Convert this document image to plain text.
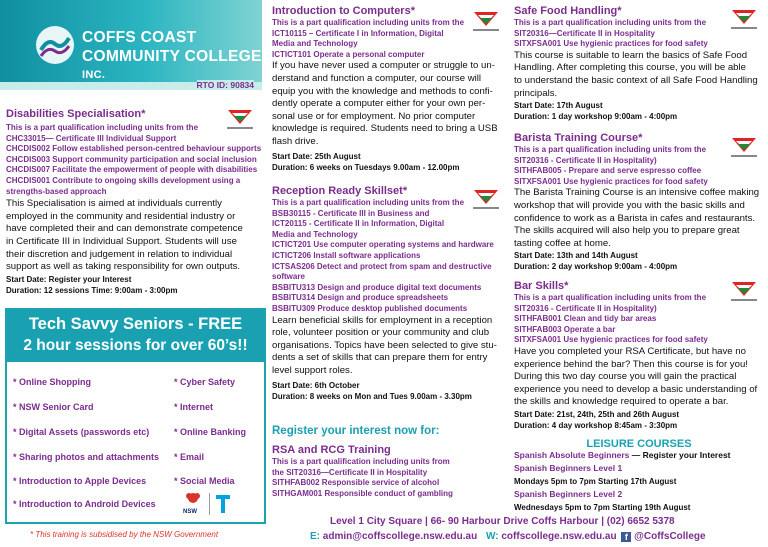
COFFS COAST
COMMUNITY COLLEGE INC.
RTO ID: 90834
Disabilities Specialisation*
This is a part qualification including units from the
CHC33015— Certificate III Individual Support
CHCDIS002 Follow established person-centred behaviour supports
CHCDIS003 Support community participation and social inclusion
CHCDIS007 Facilitate the empowerment of people with disabilities
CHCDIS001 Contribute to ongoing skills development using a
strengths-based approach
This Specialisation is aimed at individuals currently
employed in the community and residential industry or
have completed their and can demonstrate competence
in Certificate III in Individual Support. Students will use
their discretion and judgement in relation to individual
support as well as taking responsibility for own outputs.
Start Date: Register your Interest
Duration: 12 sessions Time: 9:00am - 3:00pm
Tech Savvy Seniors - FREE
2 hour sessions for over 60’s!!
* Online Shopping
* NSW Senior Card
* Digital Assets (passwords etc)
* Sharing photos and attachments
* Introduction to Apple Devices
* Introduction to Android Devices
* Cyber Safety
* Internet
* Online Banking
* Email
* Social Media
NSW
* This training is subsidised by the NSW Government
Introduction to Computers*
This is a part qualification including units from the
ICT10115 – Certificate I in Information, Digital
Media and Technology
ICTICT101 Operate a personal computer
If you have never used a computer or struggle to un-
derstand and function a computer, our course will
equip you with the knowledge and methods to confi-
dently operate a computer either for your own per-
sonal use or for employment. No prior computer
knowledge is required. Students need to bring a USB
flash drive.
Start Date: 25th August
Duration: 6 weeks on Tuesdays 9.00am - 12.00pm
Reception Ready Skillset*
This is a part qualification including units from the
BSB30115 - Certificate III in Business and
ICT20115 - Certificate II in Information, Digital
Media and Technology
ICTICT201 Use computer operating systems and hardware
ICTICT206 Install software applications
ICTSAS206 Detect and protect from spam and destructive
software
BSBITU313 Design and produce digital text documents
BSBITU314 Design and produce spreadsheets
BSBITU309 Produce desktop published documents
Learn beneficial skills for employment in a reception
role, volunteer position or your community and club
organisations. Topics have been selected to give stu-
dents a set of skills that can prepare them for entry
level support roles.
Start Date: 6th October
Duration: 8 weeks on Mon and Tues 9.00am - 3.30pm
Register your interest now for:
RSA and RCG Training
This is a part qualification including units from
the SIT20316—Certificate II in Hospitality
SITHFAB002 Responsible service of alcohol
SITHGAM001 Responsible conduct of gambling
Safe Food Handling*
This is a part qualification including units from the
SIT20316—Certificate II in Hospitality
SITXFSA001 Use hygienic practices for food safety
This course is suitable to learn the basics of Safe Food
Handling. After completing this course, you will be able
to understand the basic context of all Safe Food Handling
principals.
Start Date: 17th August
Duration: 1 day workshop 9:00am - 4:00pm
Barista Training Course*
This is a part qualification including units from the
SIT20316 - Certificate II in Hospitality)
SITHFAB005 - Prepare and serve espresso coffee
SITXFSA001 Use hygienic practices for food safety
The Barista Training Course is an intensive coffee making
workshop that will provide you with the basic skills and
confidence to work as a Barista in cafes and restaurants.
The skills acquired will also help you to prepare great
tasting coffee at home.
Start Date: 13th and 14th August
Duration: 2 day workshop 9:00am - 4:00pm
Bar Skills*
This is a part qualification including units from the
SIT20316 - Certificate II in Hospitality)
SITHFAB001 Clean and tidy bar areas
SITHFAB003 Operate a bar
SITXFSA001 Use hygienic practices for food safety
Have you completed your RSA Certificate, but have no
experience behind the bar? Then this course is for you!
During this two day course you will gain the practical
experience you need to develop a basic understanding of
the skills and knowledge required to operate a bar.
Start Date: 21st, 24th, 25th and 26th August
Duration: 4 day workshop 8:45am - 3:30pm
LEISURE COURSES
Spanish Absolute Beginners — Register your Interest
Spanish Beginners Level 1
Mondays 5pm to 7pm Starting 17th August
Spanish Beginners Level 2
Wednesdays 5pm to 7pm Starting 19th August
Level 1 City Square | 66- 90 Harbour Drive Coffs Harbour | (02) 6652 5378
E: admin@coffscollege.nsw.edu.au W: coffscollege.nsw.edu.au f @CoffsCollege
